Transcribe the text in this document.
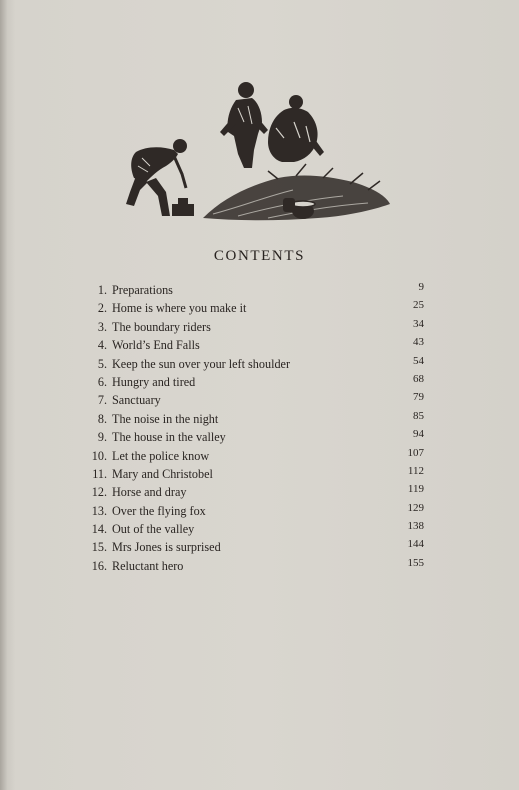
CONTENTS
1. Preparations	9
2. Home is where you make it	25
3. The boundary riders	34
4. World’s End Falls	43
5. Keep the sun over your left shoulder	54
6. Hungry and tired	68
7. Sanctuary	79
8. The noise in the night	85
9. The house in the valley	94
10. Let the police know	107
11. Mary and Christobel	112
12. Horse and dray	119
13. Over the flying fox	129
14. Out of the valley	138
15. Mrs Jones is surprised	144
16. Reluctant hero	155
